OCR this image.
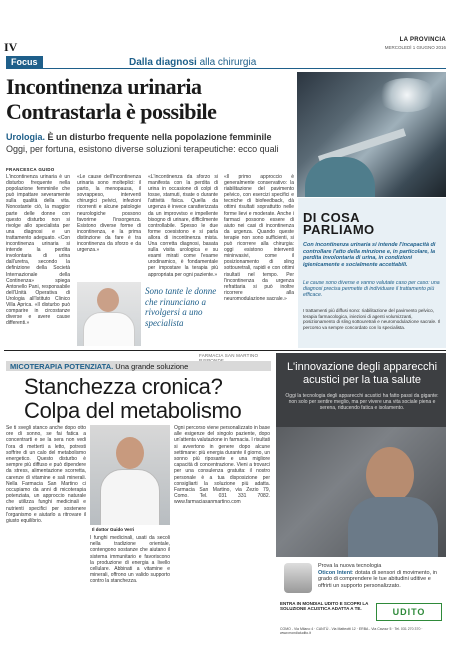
IV	LA PROVINCIA
MERCOLEDÌ 1 GIUGNO 2016
Focus	Dalla diagnosi alla chirurgia
Incontinenza urinaria
Contrastarla è possibile
Urologia. È un disturbo frequente nella popolazione femminile
Oggi, per fortuna, esistono diverse soluzioni terapeutiche: ecco quali
FRANCESCA GUIDO
L'incontinenza urinaria è un disturbo frequente nella popolazione femminile che può impattare severamente sulla qualità della vita. Nonostante ciò, la maggior parte delle donne con questo disturbo non si rivolge allo specialista per una diagnosi e un trattamento adeguato. «Con incontinenza urinaria si intende la perdita involontaria di urina dall'uretra, secondo la definizione della Società Internazionale della Continenza» spiega Antonello Pani, responsabile dell'Unità Operativa di Urologia all'Istituto Clinico Villa Aprica. «Il disturbo può comparire in circostanze diverse e avere cause differenti.»
«Le cause dell'incontinenza urinaria sono molteplici: il parto, la menopausa, il sovrappeso, interventi chirurgici pelvici, infezioni ricorrenti e alcune patologie neurologiche possono favorirne l'insorgenza. Esistono diverse forme di incontinenza, e la prima distinzione da fare è tra incontinenza da sforzo e da urgenza.»
«L'incontinenza da sforzo si manifesta con la perdita di urina in occasione di colpi di tosse, starnuti, risate o durante l'attività fisica. Quella da urgenza è invece caratterizzata da un improvviso e impellente bisogno di urinare, difficilmente controllabile. Spesso le due forme coesistono e si parla allora di incontinenza mista. Una corretta diagnosi, basata sulla visita urologica e su esami mirati come l'esame urodinamico, è fondamentale per impostare la terapia più appropriata per ogni paziente.»
«Il primo approccio è generalmente conservativo: la riabilitazione del pavimento pelvico, con esercizi specifici e tecniche di biofeedback, dà ottimi risultati soprattutto nelle forme lievi e moderate. Anche i farmaci possono essere di aiuto nei casi di incontinenza da urgenza. Quando queste terapie non sono sufficienti, si può ricorrere alla chirurgia: oggi esistono interventi mininvasivi, come il posizionamento di sling sottouretrali, rapidi e con ottimi risultati nel tempo. Per l'incontinenza da urgenza refrattaria si può inoltre ricorrere alla neuromodulazione sacrale.»
Sono tante le donne che rinunciano a rivolgersi a uno specialista
DI COSA
PARLIAMO
Con incontinenza urinaria si intende l'incapacità di controllare l'atto della minzione e, in particolare, la perdita involontaria di urina, in condizioni igienicamente e socialmente accettabili.
Le cause sono diverse e vanno valutate caso per caso: una diagnosi precisa permette di individuare il trattamento più efficace.
I trattamenti più diffusi sono: riabilitazione del pavimento pelvico, terapia farmacologica, iniezioni di agenti volumizzanti, posizionamento di sling sottouretrali e neuromodulazione sacrale. Il percorso va sempre concordato con lo specialista.
FARMACIA SAN MARTINO
MICOTERAPIA POTENZIATA. Una grande soluzione
Stanchezza cronica?
Colpa del metabolismo
Se ti svegli stanco anche dopo otto ore di sonno, se fai fatica a concentrarti e se la sera non vedi l'ora di metterti a letto, potresti soffrire di un calo del metabolismo energetico. Questo disturbo è sempre più diffuso e può dipendere da stress, alimentazione scorretta, carenze di vitamine e sali minerali. Nella Farmacia San Martino ci occupiamo da anni di micoterapia potenziata, un approccio naturale che utilizza funghi medicinali e nutrienti specifici per sostenere l'organismo e aiutarlo a ritrovare il giusto equilibrio.
Il dottor Guido Verri
I funghi medicinali, usati da secoli nella tradizione orientale, contengono sostanze che aiutano il sistema immunitario e favoriscono la produzione di energia a livello cellulare. Abbinati a vitamine e minerali, offrono un valido supporto contro la stanchezza.
Ogni percorso viene personalizzato in base alle esigenze del singolo paziente, dopo un'attenta valutazione in farmacia. I risultati si avvertono in genere dopo alcune settimane: più energia durante il giorno, un sonno più riposante e una migliore capacità di concentrazione. Vieni a trovarci per una consulenza gratuita: il nostro personale è a tua disposizione per consigliarti la soluzione più adatta. Farmacia San Martino, via Zezio 79, Como. Tel. 031 331 7082. www.farmaciasanmartino.com
L'innovazione degli apparecchi acustici per la tua salute
Oggi la tecnologia degli apparecchi acustici ha fatto passi da gigante: non solo per sentire meglio, ma per vivere una vita sociale piena e serena, riducendo fatica e isolamento.
Prova la nuova tecnologia
Oticon Intent: dotata di sensori di movimento, in grado di comprendere le tue abitudini uditive e offrirti un supporto personalizzato.
ENTRA IN MONDIAL UDITO E SCOPRI LA SOLUZIONE ACUSTICA ADATTA A TE.	UDITO
COMO - Via Milano 4 · CANTÙ - Via Matteotti 12 · ERBA - Via Cavour 5 · Tel. 031 270 370 · www.mondialudito.it
